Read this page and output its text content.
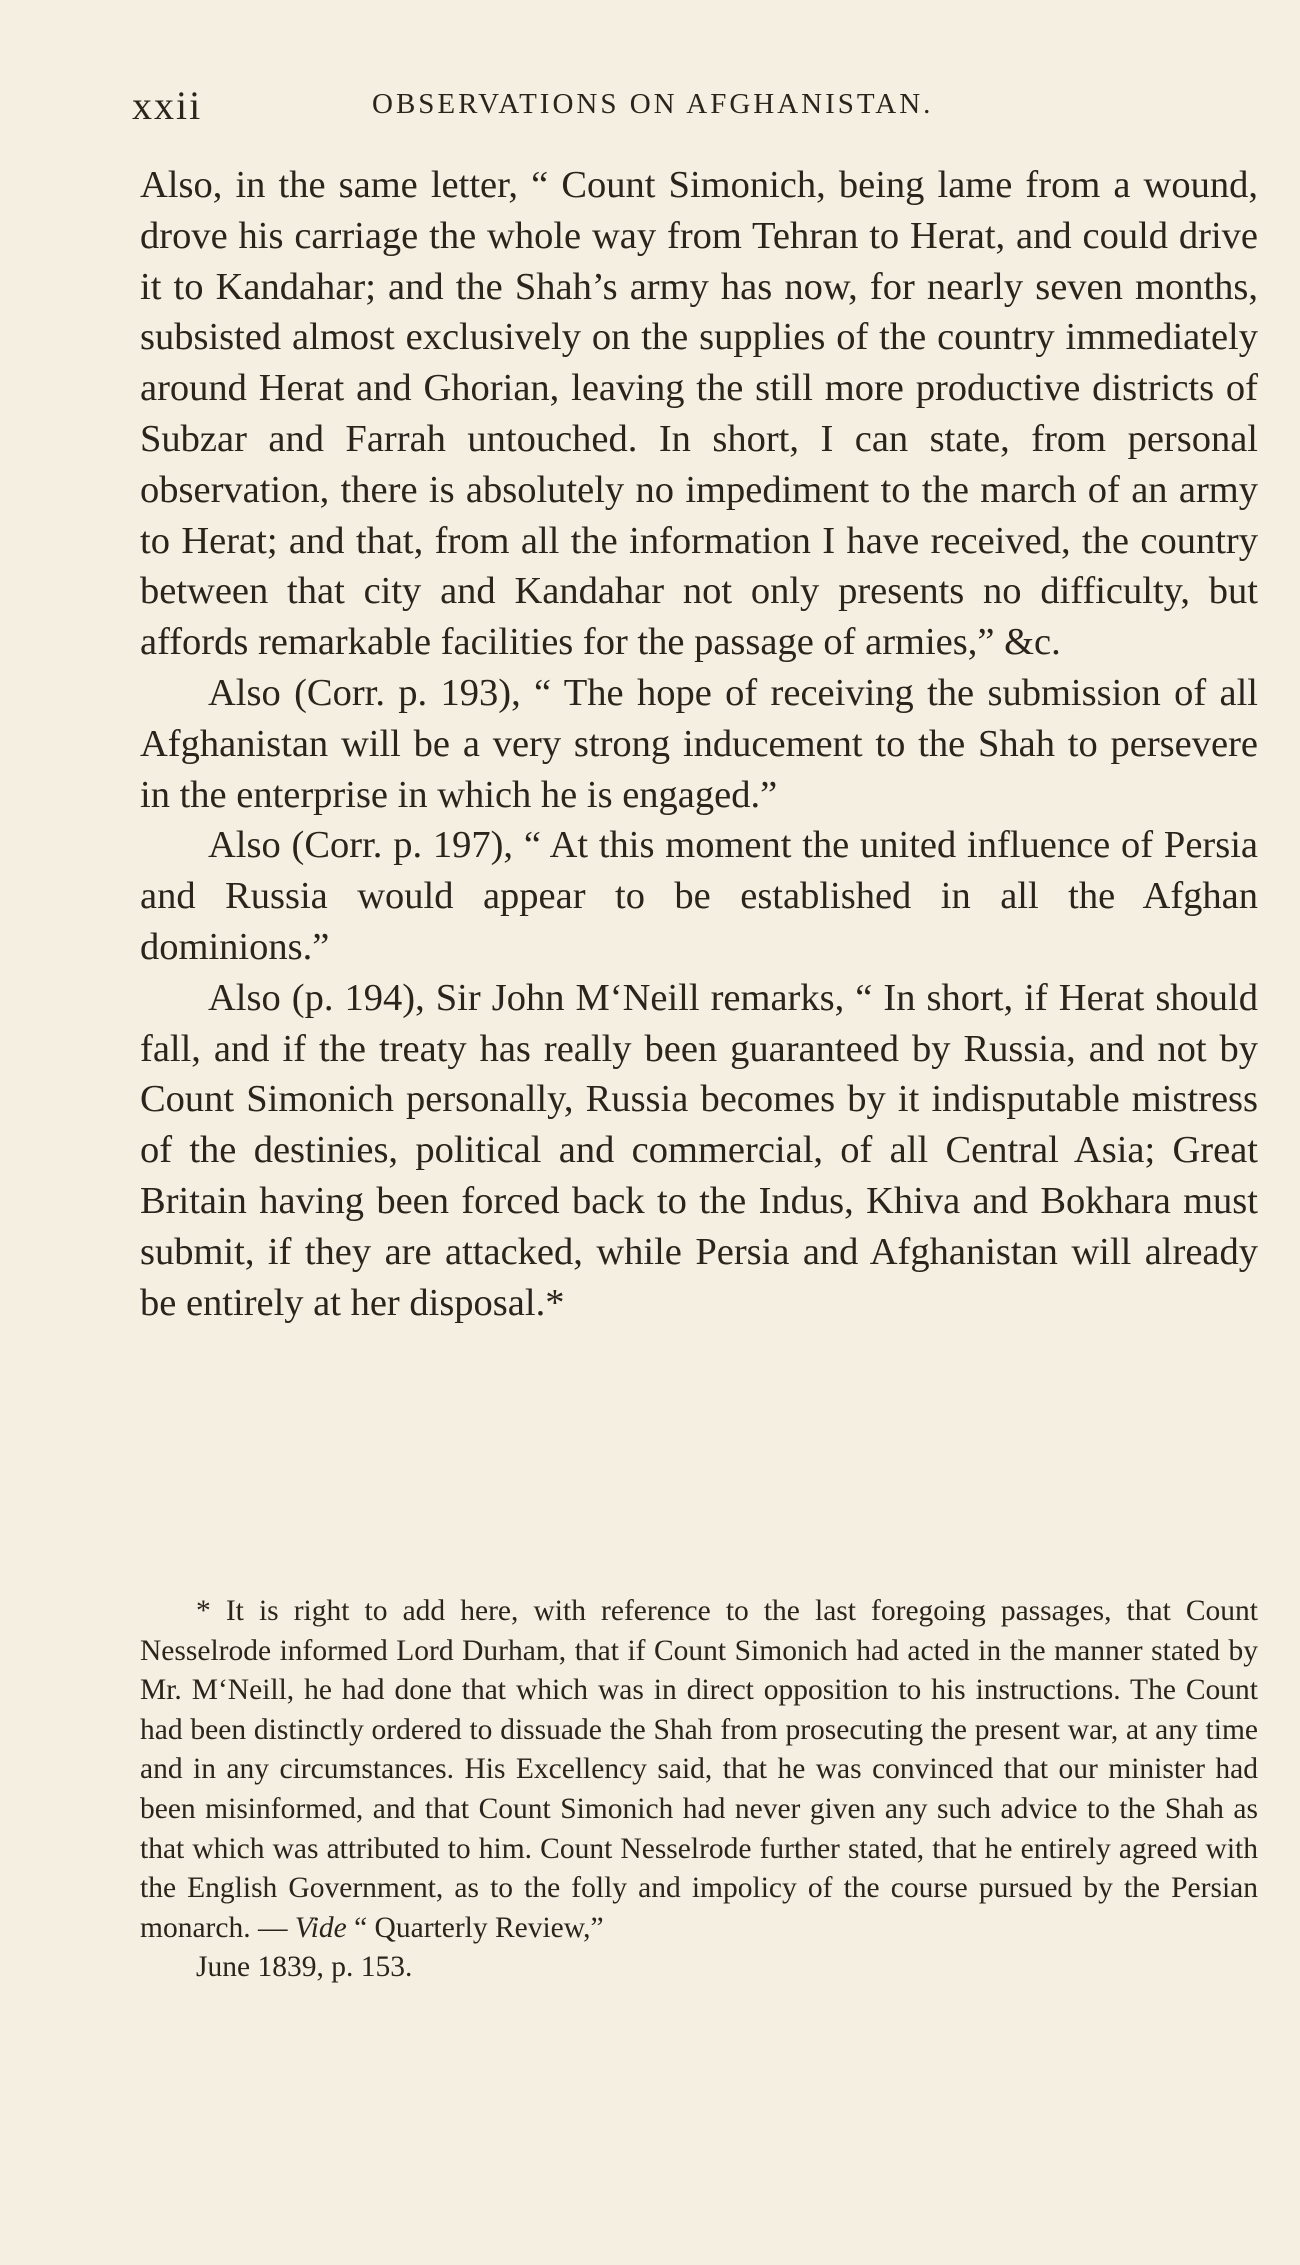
xxii	OBSERVATIONS ON AFGHANISTAN.

Also, in the same letter, “ Count Simonich, being lame from a wound, drove his carriage the whole way from Tehran to Herat, and could drive it to Kandahar; and the Shah’s army has now, for nearly seven months, subsisted almost exclusively on the supplies of the country immediately around Herat and Ghorian, leaving the still more productive districts of Subzar and Farrah untouched. In short, I can state, from personal observation, there is absolutely no impediment to the march of an army to Herat; and that, from all the information I have received, the country between that city and Kandahar not only presents no difficulty, but affords remarkable facilities for the passage of armies,” &c.

Also (Corr. p. 193), “ The hope of receiving the submission of all Afghanistan will be a very strong inducement to the Shah to persevere in the enterprise in which he is engaged.”

Also (Corr. p. 197), “ At this moment the united influence of Persia and Russia would appear to be established in all the Afghan dominions.”

Also (p. 194), Sir John M‘Neill remarks, “ In short, if Herat should fall, and if the treaty has really been guaranteed by Russia, and not by Count Simonich personally, Russia becomes by it indisputable mistress of the destinies, political and commercial, of all Central Asia; Great Britain having been forced back to the Indus, Khiva and Bokhara must submit, if they are attacked, while Persia and Afghanistan will already be entirely at her disposal.*

* It is right to add here, with reference to the last foregoing passages, that Count Nesselrode informed Lord Durham, that if Count Simonich had acted in the manner stated by Mr. M‘Neill, he had done that which was in direct opposition to his instructions. The Count had been distinctly ordered to dissuade the Shah from prosecuting the present war, at any time and in any circumstances. His Excellency said, that he was convinced that our minister had been misinformed, and that Count Simonich had never given any such advice to the Shah as that which was attributed to him. Count Nesselrode further stated, that he entirely agreed with the English Government, as to the folly and impolicy of the course pursued by the Persian monarch. — Vide “ Quarterly Review,”
June 1839, p. 153.
